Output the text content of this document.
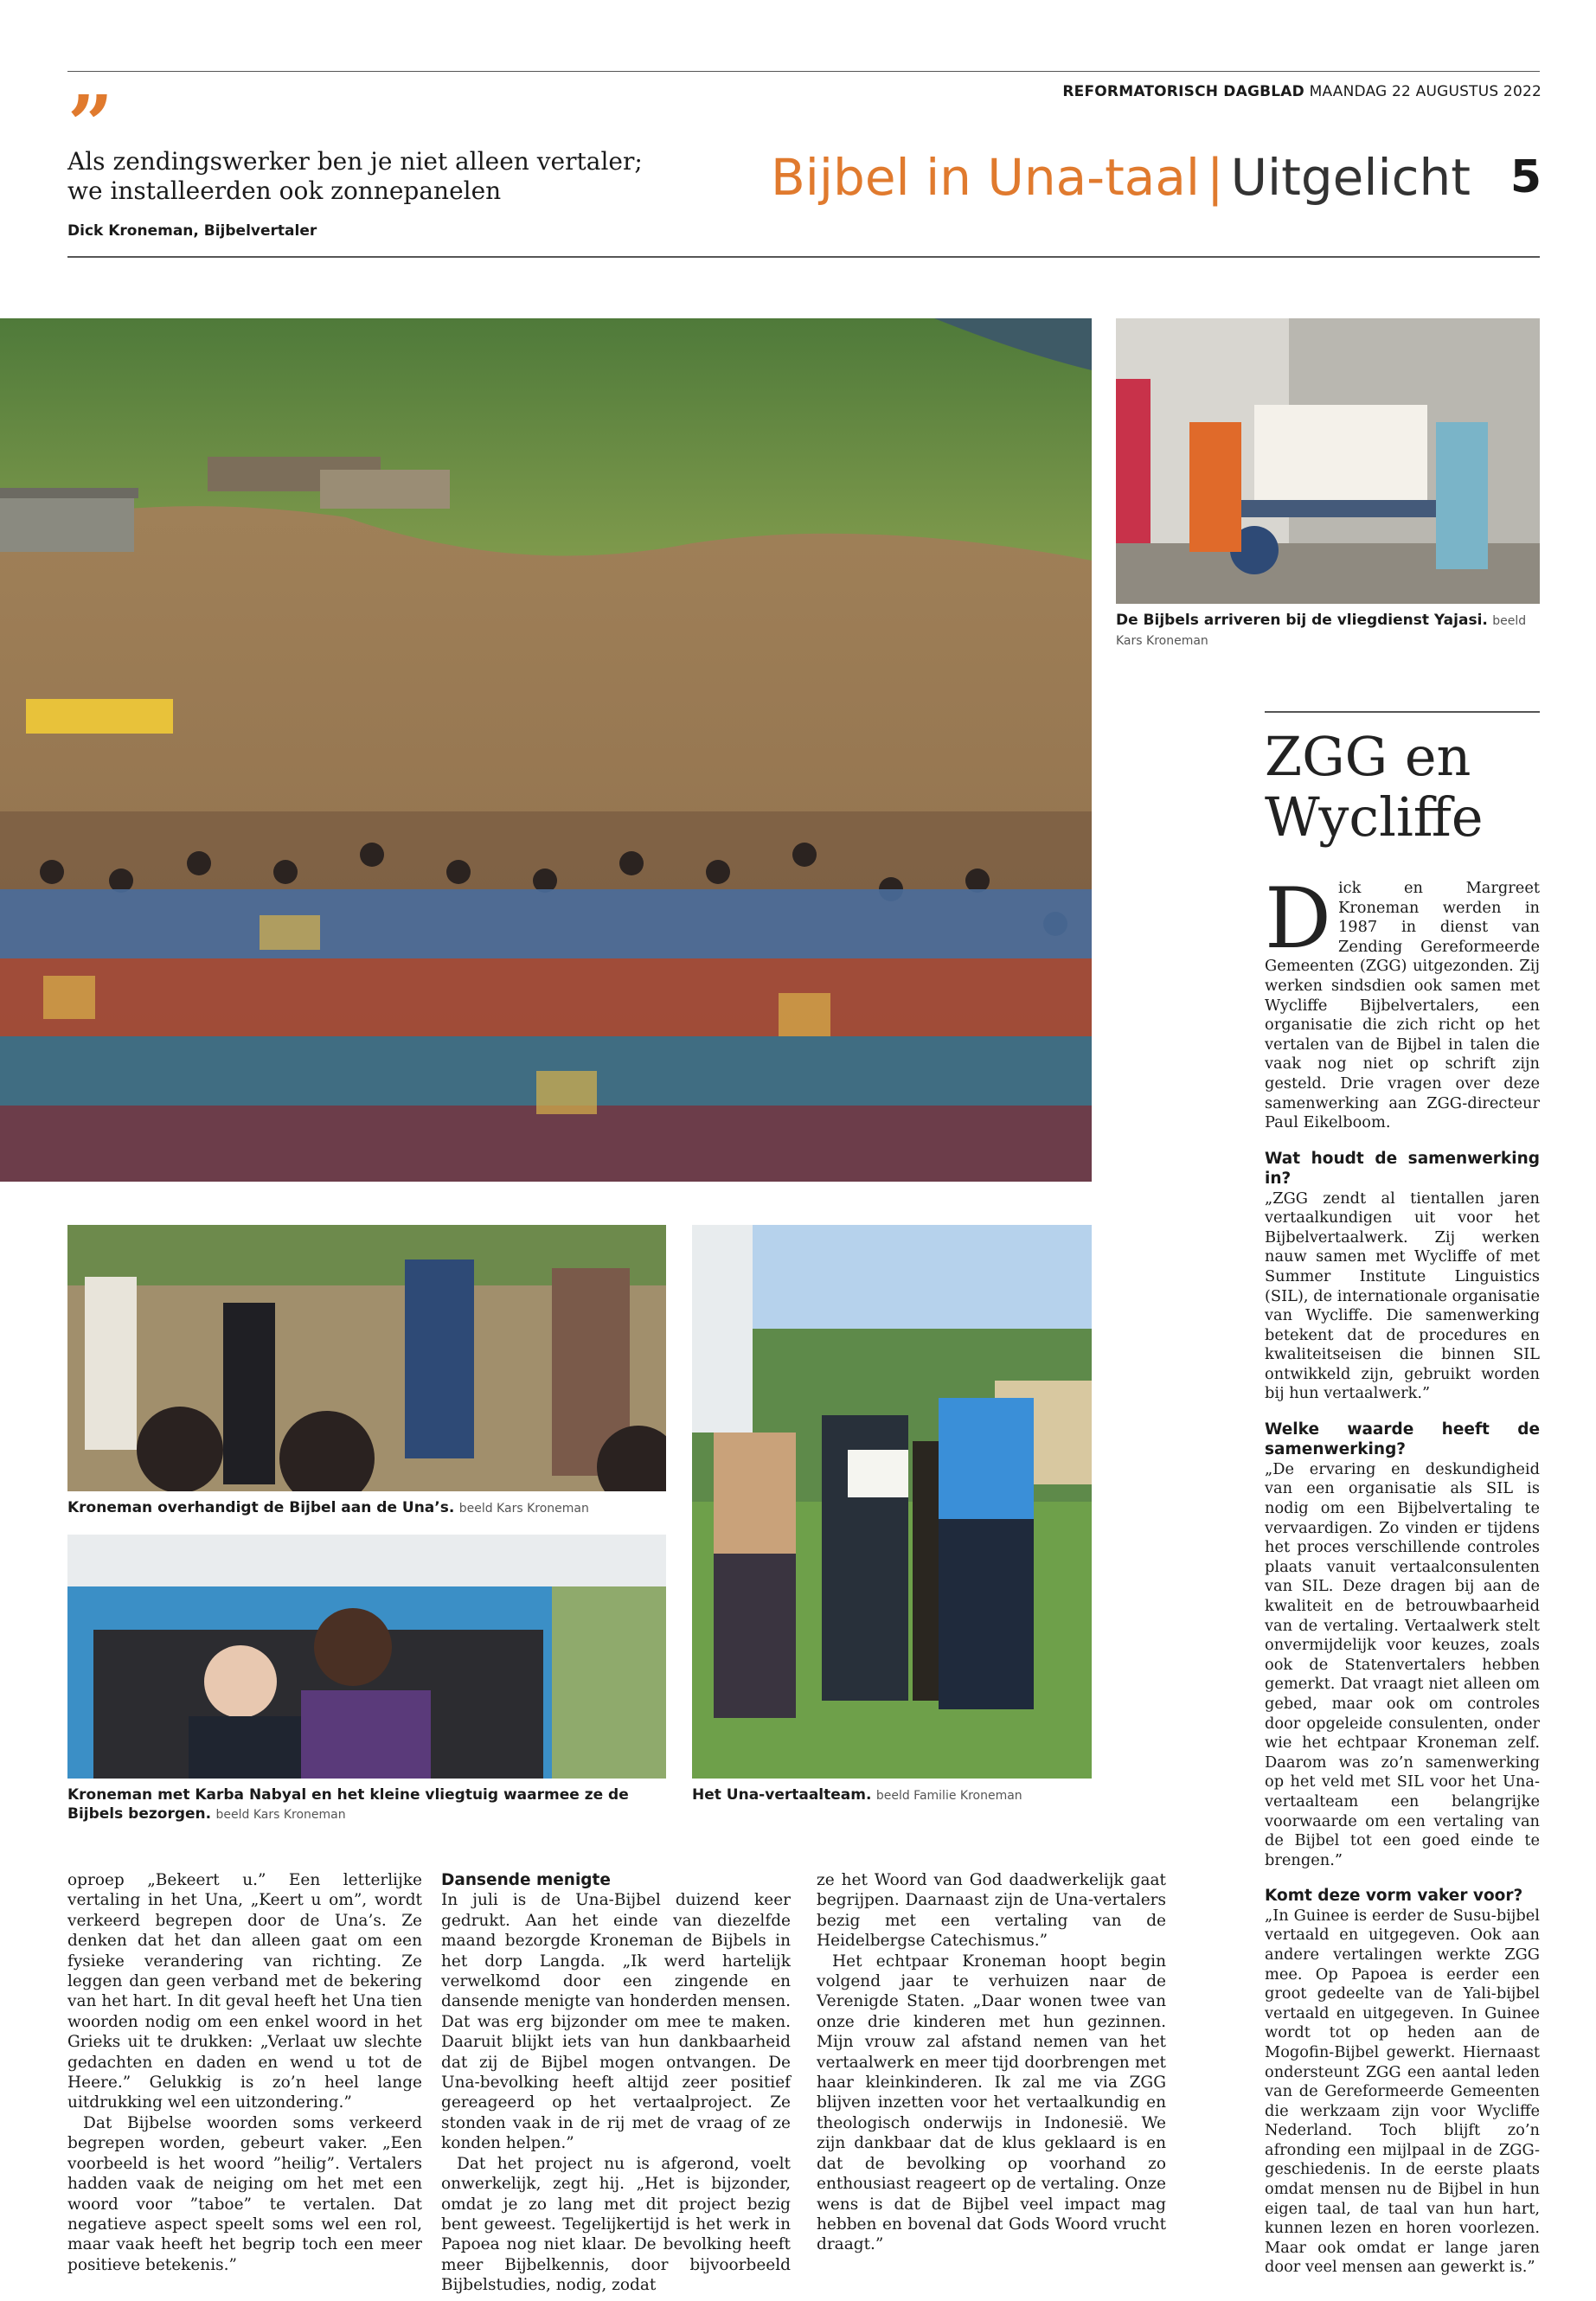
REFORMATORISCH DAGBLAD MAANDAG 22 AUGUSTUS 2022
”
Als zendingswerker ben je niet alleen vertaler; we installeerden ook zonnepanelen
Dick Kroneman, Bijbelvertaler
Bijbel in Una-taal | Uitgelicht 5
De Bijbels arriveren bij de vliegdienst Yajasi. beeld Kars Kroneman
Kroneman overhandigt de Bijbel aan de Una’s. beeld Kars Kroneman
Kroneman met Karba Nabyal en het kleine vliegtuig waarmee ze de Bijbels bezorgen. beeld Kars Kroneman
Het Una-vertaalteam. beeld Familie Kroneman

oproep „Bekeert u.” Een letterlijke vertaling in het Una, „Keert u om”, wordt verkeerd begrepen door de Una’s. Ze denken dat het dan alleen gaat om een fysieke verandering van richting. Ze leggen dan geen verband met de bekering van het hart. In dit geval heeft het Una tien woorden nodig om een enkel woord in het Grieks uit te drukken: „Verlaat uw slechte gedachten en daden en wend u tot de Heere.” Gelukkig is zo’n heel lange uitdrukking wel een uitzondering.”

Dat Bijbelse woorden soms verkeerd begrepen worden, gebeurt vaker. „Een voorbeeld is het woord ”heilig”. Vertalers hadden vaak de neiging om het met een woord voor ”taboe” te vertalen. Dat negatieve aspect speelt soms wel een rol, maar vaak heeft het begrip toch een meer positieve betekenis.”

Dansende menigte

In juli is de Una-Bijbel duizend keer gedrukt. Aan het einde van diezelfde maand bezorgde Kroneman de Bijbels in het dorp Langda. „Ik werd hartelijk verwelkomd door een zingende en dansende menigte van honderden mensen. Dat was erg bijzonder om mee te maken. Daaruit blijkt iets van hun dankbaarheid dat zij de Bijbel mogen ontvangen. De Una-bevolking heeft altijd zeer positief gereageerd op het vertaalproject. Ze stonden vaak in de rij met de vraag of ze konden helpen.”

Dat het project nu is afgerond, voelt onwerkelijk, zegt hij. „Het is bijzonder, omdat je zo lang met dit project bezig bent geweest. Tegelijkertijd is het werk in Papoea nog niet klaar. De bevolking heeft meer Bijbelkennis, door bijvoorbeeld Bijbelstudies, nodig, zodat

ze het Woord van God daadwerkelijk gaat begrijpen. Daarnaast zijn de Una-vertalers bezig met een vertaling van de Heidelbergse Catechismus.”

Het echtpaar Kroneman hoopt begin volgend jaar te verhuizen naar de Verenigde Staten. „Daar wonen twee van onze drie kinderen met hun gezinnen. Mijn vrouw zal afstand nemen van het vertaalwerk en meer tijd doorbrengen met haar kleinkinderen. Ik zal me via ZGG blijven inzetten voor het vertaalkundig en theologisch onderwijs in Indonesië. We zijn dankbaar dat de klus geklaard is en dat de bevolking op voorhand zo enthousiast reageert op de vertaling. Onze wens is dat de Bijbel veel impact mag hebben en bovenal dat Gods Woord vrucht draagt.”

ZGG en
Wycliffe

Dick en Margreet Kroneman werden in 1987 in dienst van Zending Gereformeerde Gemeenten (ZGG) uitgezonden. Zij werken sindsdien ook samen met Wycliffe Bijbelvertalers, een organisatie die zich richt op het vertalen van de Bijbel in talen die vaak nog niet op schrift zijn gesteld. Drie vragen over deze samenwerking aan ZGG-directeur Paul Eikelboom.

Wat houdt de samenwerking in?

„ZGG zendt al tientallen jaren vertaalkundigen uit voor het Bijbelvertaalwerk. Zij werken nauw samen met Wycliffe of met Summer Institute Linguistics (SIL), de internationale organisatie van Wycliffe. Die samenwerking betekent dat de procedures en kwaliteitseisen die binnen SIL ontwikkeld zijn, gebruikt worden bij hun vertaalwerk.”

Welke waarde heeft de samenwerking?

„De ervaring en deskundigheid van een organisatie als SIL is nodig om een Bijbelvertaling te vervaardigen. Zo vinden er tijdens het proces verschillende controles plaats vanuit vertaalconsulenten van SIL. Deze dragen bij aan de kwaliteit en de betrouwbaarheid van de vertaling. Vertaalwerk stelt onvermijdelijk voor keuzes, zoals ook de Statenvertalers hebben gemerkt. Dat vraagt niet alleen om gebed, maar ook om controles door opgeleide consulenten, onder wie het echtpaar Kroneman zelf. Daarom was zo’n samenwerking op het veld met SIL voor het Una-vertaalteam een belangrijke voorwaarde om een vertaling van de Bijbel tot een goed einde te brengen.”

Komt deze vorm vaker voor?

„In Guinee is eerder de Susu-bijbel vertaald en uitgegeven. Ook aan andere vertalingen werkte ZGG mee. Op Papoea is eerder een groot gedeelte van de Yali-bijbel vertaald en uitgegeven. In Guinee wordt tot op heden aan de Mogofin-Bijbel gewerkt. Hiernaast ondersteunt ZGG een aantal leden van de Gereformeerde Gemeenten die werkzaam zijn voor Wycliffe Nederland. Toch blijft zo’n afronding een mijlpaal in de ZGG-geschiedenis. In de eerste plaats omdat mensen nu de Bijbel in hun eigen taal, de taal van hun hart, kunnen lezen en horen voorlezen. Maar ook omdat er lange jaren door veel mensen aan gewerkt is.”
